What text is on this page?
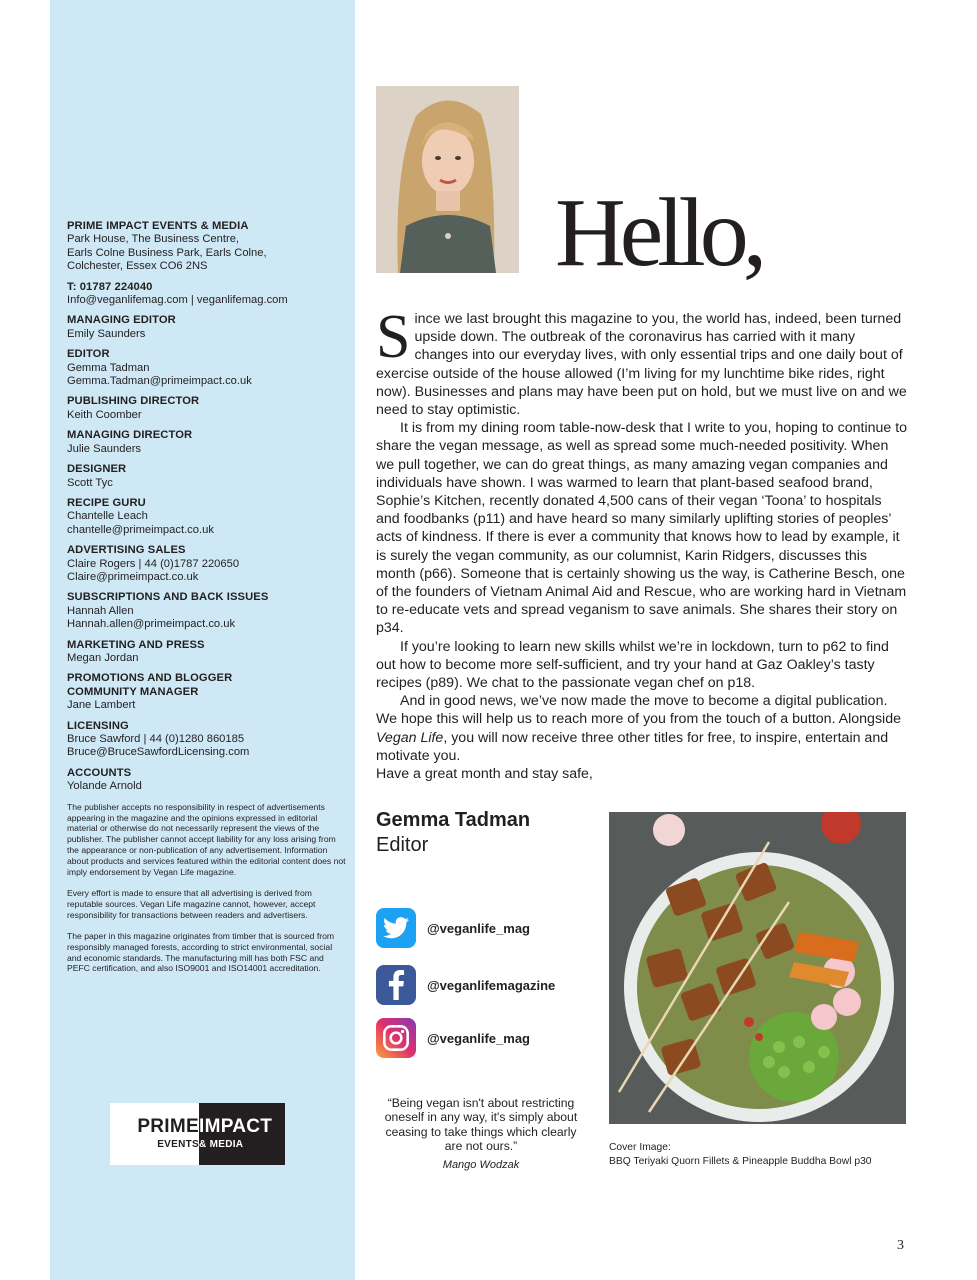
PRIME IMPACT EVENTS & MEDIA
Park House, The Business Centre,
Earls Colne Business Park, Earls Colne,
Colchester, Essex CO6 2NS
T: 01787 224040
Info@veganlifemag.com | veganlifemag.com
MANAGING EDITOR
Emily Saunders
EDITOR
Gemma Tadman
Gemma.Tadman@primeimpact.co.uk
PUBLISHING DIRECTOR
Keith Coomber
MANAGING DIRECTOR
Julie Saunders
DESIGNER
Scott Tyc
RECIPE GURU
Chantelle Leach
chantelle@primeimpact.co.uk
ADVERTISING SALES
Claire Rogers | 44 (0)1787 220650
Claire@primeimpact.co.uk
SUBSCRIPTIONS AND BACK ISSUES
Hannah Allen
Hannah.allen@primeimpact.co.uk
MARKETING AND PRESS
Megan Jordan
PROMOTIONS AND BLOGGER
COMMUNITY MANAGER
Jane Lambert
LICENSING
Bruce Sawford | 44 (0)1280 860185
Bruce@BruceSawfordLicensing.com
ACCOUNTS
Yolande Arnold

The publisher accepts no responsibility in respect of advertisements appearing in the magazine and the opinions expressed in editorial material or otherwise do not necessarily represent the views of the publisher. The publisher cannot accept liability for any loss arising from the appearance or non-publication of any advertisement. Information about products and services featured within the editorial content does not imply endorsement by Vegan Life magazine.

Every effort is made to ensure that all advertising is derived from reputable sources. Vegan Life magazine cannot, however, accept responsibility for transactions between readers and advertisers.

The paper in this magazine originates from timber that is sourced from responsibly managed forests, according to strict environmental, social and economic standards. The manufacturing mill has both FSC and PEFC certification, and also ISO9001 and ISO14001 accreditation.

PRIME
EVENTS
IMPACT
& MEDIA
Hello,

Since we last brought this magazine to you, the world has, indeed, been turned upside down. The outbreak of the coronavirus has carried with it many changes into our everyday lives, with only essential trips and one daily bout of exercise outside of the house allowed (I’m living for my lunchtime bike rides, right now). Businesses and plans may have been put on hold, but we must live on and we need to stay optimistic.

It is from my dining room table-now-desk that I write to you, hoping to continue to share the vegan message, as well as spread some much-needed positivity. When we pull together, we can do great things, as many amazing vegan companies and individuals have shown. I was warmed to learn that plant-based seafood brand, Sophie’s Kitchen, recently donated 4,500 cans of their vegan ‘Toona’ to hospitals and foodbanks (p11) and have heard so many similarly uplifting stories of peoples’ acts of kindness. If there is ever a community that knows how to lead by example, it is surely the vegan community, as our columnist, Karin Ridgers, discusses this month (p66). Someone that is certainly showing us the way, is Catherine Besch, one of the founders of Vietnam Animal Aid and Rescue, who are working hard in Vietnam to re-educate vets and spread veganism to save animals. She shares their story on p34.

If you’re looking to learn new skills whilst we’re in lockdown, turn to p62 to find out how to become more self-sufficient, and try your hand at Gaz Oakley’s tasty recipes (p89). We chat to the passionate vegan chef on p18.

And in good news, we’ve now made the move to become a digital publication. We hope this will help us to reach more of you from the touch of a button. Alongside Vegan Life, you will now receive three other titles for free, to inspire, entertain and motivate you.

Have a great month and stay safe,

Gemma Tadman
Editor
@veganlife_mag
@veganlifemagazine
@veganlife_mag
“Being vegan isn't about restricting oneself in any way, it's simply about ceasing to take things which clearly are not ours.”
Mango Wodzak
Cover Image:
BBQ Teriyaki Quorn Fillets & Pineapple Buddha Bowl p30
3
